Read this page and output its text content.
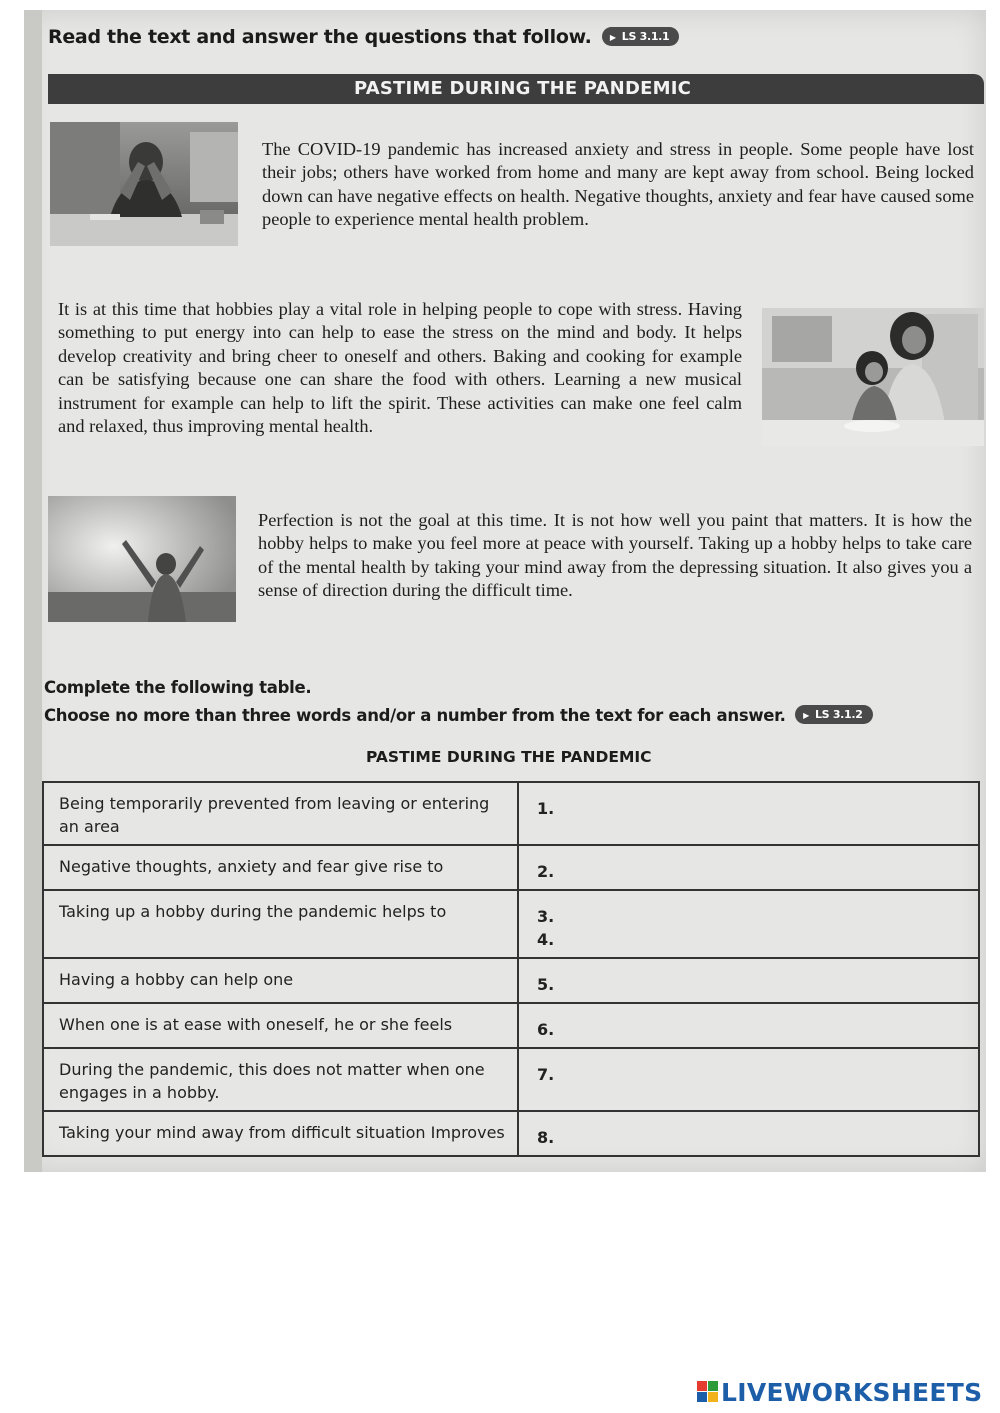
Read the text and answer the questions that follow. ▶ LS 3.1.1
PASTIME DURING THE PANDEMIC
The COVID-19 pandemic has increased anxiety and stress in people. Some people have lost their jobs; others have worked from home and many are kept away from school. Being locked down can have negative effects on health. Negative thoughts, anxiety and fear have caused some people to experience mental health problem.
It is at this time that hobbies play a vital role in helping people to cope with stress. Having something to put energy into can help to ease the stress on the mind and body. It helps develop creativity and bring cheer to oneself and others. Baking and cooking for example can be satisfying because one can share the food with others. Learning a new musical instrument for example can help to lift the spirit. These activities can make one feel calm and relaxed, thus improving mental health.
Perfection is not the goal at this time. It is not how well you paint that matters. It is how the hobby helps to make you feel more at peace with yourself. Taking up a hobby helps to take care of the mental health by taking your mind away from the depressing situation. It also gives you a sense of direction during the difficult time.
Complete the following table.
Choose no more than three words and/or a number from the text for each answer. ▶ LS 3.1.2
PASTIME DURING THE PANDEMIC
Being temporarily prevented from leaving or entering an area	1.

Negative thoughts, anxiety and fear give rise to	2.

Taking up a hobby during the pandemic helps to	3.
4.

Having a hobby can help one	5.

When one is at ease with oneself, he or she feels	6.

During the pandemic, this does not matter when one engages in a hobby.	7.

Taking your mind away from difficult situation Improves	8.
LIVEWORKSHEETS
